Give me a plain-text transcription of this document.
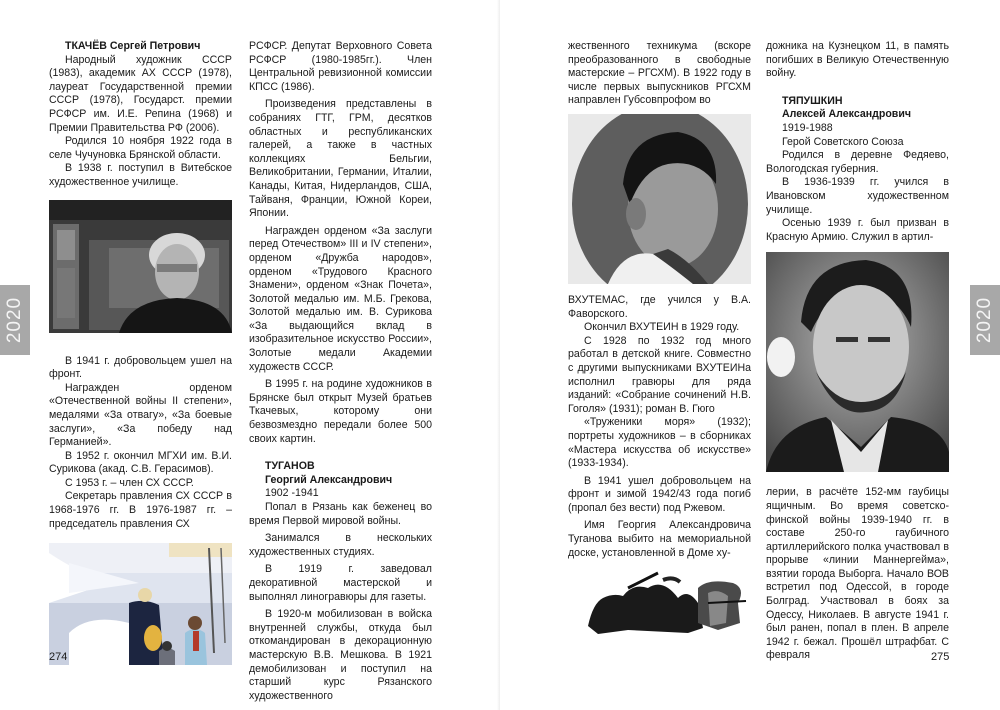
2020

ТКАЧЁВ Сергей Петрович

Народный художник СССР (1983), академик АХ СССР (1978), лауреат Государственной премии СССР (1978), Государст. премии РСФСР им. И.Е. Репина (1968) и Премии Правительства РФ (2006).

Родился 10 ноября 1922 года в селе Чучуновка Брянской области.

В 1938 г. поступил в Витебское художественное училище.

В 1941 г. добровольцем ушел на фронт.

Награжден орденом «Отечественной войны II степени», медалями «За отвагу», «За боевые заслуги», «За победу над Германией».

В 1952 г. окончил МГХИ им. В.И. Сурикова (акад. С.В. Герасимов).

С 1953 г. – член СХ СССР.

Секретарь правления СХ СССР в 1968-1976 гг. В 1976-1987 гг. – председатель правления СХ

РСФСР. Депутат Верховного Совета РСФСР (1980-1985гг.). Член Центральной ревизионной комиссии КПСС (1986).

Произведения представлены в собраниях ГТГ, ГРМ, десятков областных и республиканских галерей, а также в частных коллекциях Бельгии, Великобритании, Германии, Италии, Канады, Китая, Нидерландов, США, Тайваня, Франции, Южной Кореи, Японии.

Награжден орденом «За заслуги перед Отечеством» III и IV степени», орденом «Дружба народов», орденом «Трудового Красного Знамени», орденом «Знак Почета», Золотой медалью им. М.Б. Грекова, Золотой медалью им. В. Сурикова «За выдающийся вклад в изобразительное искусство России», Золотые медали Академии художеств СССР.

В 1995 г. на родине художников в Брянске был открыт Музей братьев Ткачевых, которому они безвозмездно передали более 500 своих картин.

ТУГАНОВ

Георгий Александрович

1902 -1941

Попал в Рязань как беженец во время Первой мировой войны.

Занимался в нескольких художественных студиях.

В 1919 г. заведовал декоративной мастерской и выполнял линогравюры для газеты.

В 1920-м мобилизован в войска внутренней службы, откуда был откомандирован в декорационную мастерскую В.В. Мешкова. В 1921 демобилизован и поступил на старший курс Рязанского художественного

274

жественного техникума (вскоре преобразованного в свободные мастерские – РГСХМ). В 1922 году в числе первых выпускников РГСХМ направлен Губсовпрофом во

ВХУТЕМАС, где учился у В.А. Фаворского.

Окончил ВХУТЕИН в 1929 году.

С 1928 по 1932 год много работал в детской книге. Совместно с другими выпускниками ВХУТЕИНа исполнил гравюры для ряда изданий: «Собрание сочинений Н.В. Гоголя» (1931); роман В. Гюго

«Труженики моря» (1932); портреты художников – в сборниках «Мастера искусства об искусстве» (1933-1934).

В 1941 ушел добровольцем на фронт и зимой 1942/43 года погиб (пропал без вести) под Ржевом.

Имя Георгия Александровича Туганова выбито на мемориальной доске, установленной в Доме ху-

дожника на Кузнецком 11, в память погибших в Великую Отечественную войну.

ТЯПУШКИН

Алексей Александрович

1919-1988

Герой Советского Союза

Родился в деревне Федяево, Вологодская губерния.

В 1936-1939 гг. учился в Ивановском художественном училище.

Осенью 1939 г. был призван в Красную Армию. Служил в артил-

лерии, в расчёте 152-мм гаубицы ящичным. Во время советско-финской войны 1939-1940 гг. в составе 250-го гаубичного артиллерийского полка участвовал в прорыве «линии Маннергейма», взятии города Выборга. Начало ВОВ встретил под Одессой, в городе Болград. Участвовал в боях за Одессу, Николаев. В августе 1941 г. был ранен, попал в плен. В апреле 1942 г. бежал. Прошёл штрафбат. С февраля

2020
275
